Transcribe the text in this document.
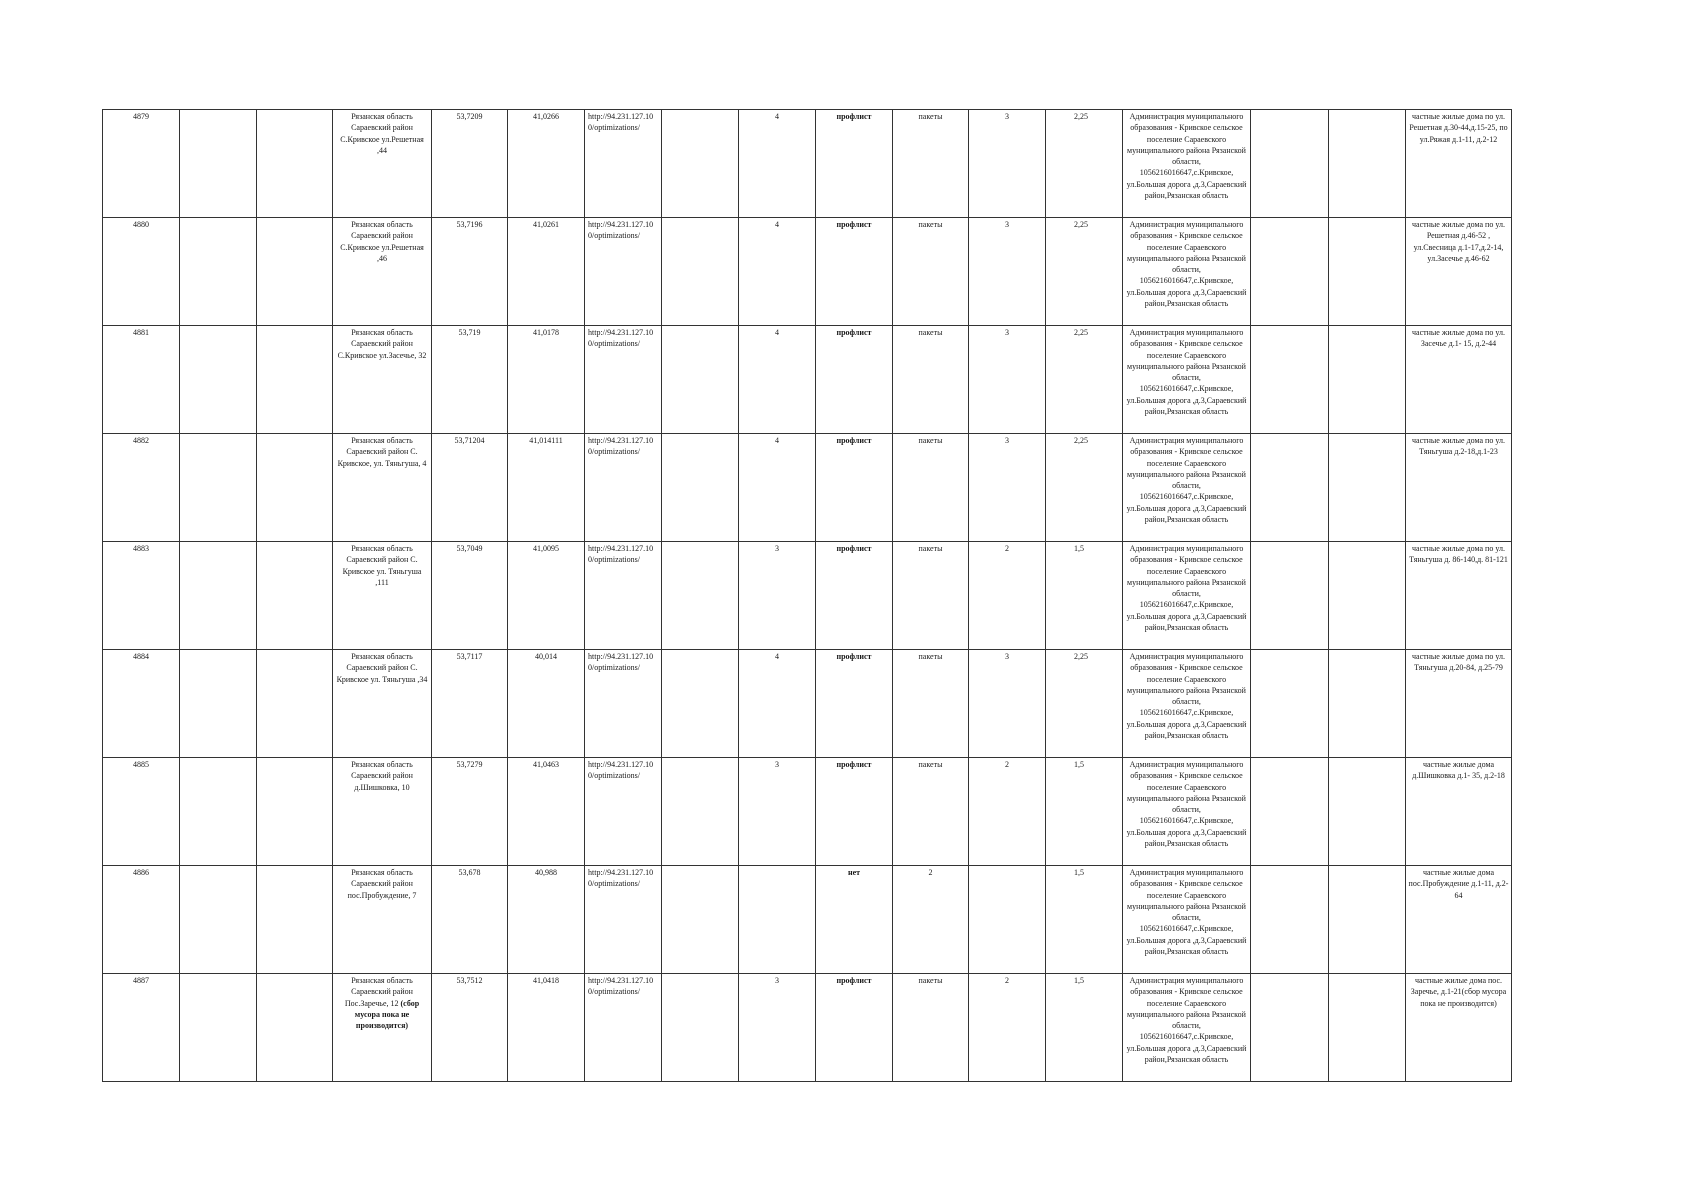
4879			Рязанская область Сараевский район С.Кривское ул.Решетная ,44	53,7209	41,0266	http://94.231.127.10 0/optimizations/		4	профлист	пакеты	3	2,25	Администрация муниципального образования - Кривское сельское поселение Сараевского муниципального района Рязанской области, 1056216016647,с.Кривское, ул.Большая дорога ,д.3,Сараевский район,Рязанская область			частные жилые дома по ул. Решетная д.30-44,д.15-25, по ул.Ряжая д.1-11, д.2-12
4880			Рязанская область Сараевский район С.Кривское ул.Решетная ,46	53,7196	41,0261	http://94.231.127.10 0/optimizations/		4	профлист	пакеты	3	2,25	Администрация муниципального образования - Кривское сельское поселение Сараевского муниципального района Рязанской области, 1056216016647,с.Кривское, ул.Большая дорога ,д.3,Сараевский район,Рязанская область			частные жилые дома по ул. Решетная д.46-52 , ул.Свесница д.1-17,д.2-14, ул.Засечье д.46-62
4881			Рязанская область Сараевский район С.Кривское ул.Засечье, 32	53,719	41,0178	http://94.231.127.10 0/optimizations/		4	профлист	пакеты	3	2,25	Администрация муниципального образования - Кривское сельское поселение Сараевского муниципального района Рязанской области, 1056216016647,с.Кривское, ул.Большая дорога ,д.3,Сараевский район,Рязанская область			частные жилые дома по ул. Засечье д.1- 15, д.2-44
4882			Рязанская область Сараевский район С. Кривское, ул. Тяньгуша, 4	53,71204	41,014111	http://94.231.127.10 0/optimizations/		4	профлист	пакеты	3	2,25	Администрация муниципального образования - Кривское сельское поселение Сараевского муниципального района Рязанской области, 1056216016647,с.Кривское, ул.Большая дорога ,д.3,Сараевский район,Рязанская область			частные жилые дома по ул. Тяньгуша д.2-18,д.1-23
4883			Рязанская область Сараевский район С. Кривское ул. Тяньгуша ,111	53,7049	41,0095	http://94.231.127.10 0/optimizations/		3	профлист	пакеты	2	1,5	Администрация муниципального образования - Кривское сельское поселение Сараевского муниципального района Рязанской области, 1056216016647,с.Кривское, ул.Большая дорога ,д.3,Сараевский район,Рязанская область			частные жилые дома по ул. Тяньгуша д. 86-140,д. 81-121
4884			Рязанская область Сараевский район С. Кривское ул. Тяньгуша ,34	53,7117	40,014	http://94.231.127.10 0/optimizations/		4	профлист	пакеты	3	2,25	Администрация муниципального образования - Кривское сельское поселение Сараевского муниципального района Рязанской области, 1056216016647,с.Кривское, ул.Большая дорога ,д.3,Сараевский район,Рязанская область			частные жилые дома по ул. Тяньгуша д.20-84, д.25-79
4885			Рязанская область Сараевский район д.Шишковка, 10	53,7279	41,0463	http://94.231.127.10 0/optimizations/		3	профлист	пакеты	2	1,5	Администрация муниципального образования - Кривское сельское поселение Сараевского муниципального района Рязанской области, 1056216016647,с.Кривское, ул.Большая дорога ,д.3,Сараевский район,Рязанская область			частные жилые дома д.Шишковка д.1- 35, д.2-18
4886			Рязанская область Сараевский район пос.Пробуждение, 7	53,678	40,988	http://94.231.127.10 0/optimizations/			нет	2		1,5	Администрация муниципального образования - Кривское сельское поселение Сараевского муниципального района Рязанской области, 1056216016647,с.Кривское, ул.Большая дорога ,д.3,Сараевский район,Рязанская область			частные жилые дома пос.Пробуждение д.1-11, д.2-64
4887			Рязанская область Сараевский район Пос.Заречье, 12 (сбор мусора пока не производится)	53,7512	41,0418	http://94.231.127.10 0/optimizations/		3	профлист	пакеты	2	1,5	Администрация муниципального образования - Кривское сельское поселение Сараевского муниципального района Рязанской области, 1056216016647,с.Кривское, ул.Большая дорога ,д.3,Сараевский район,Рязанская область			частные жилые дома пос. Заречье, д.1-21(сбор мусора пока не производится)
